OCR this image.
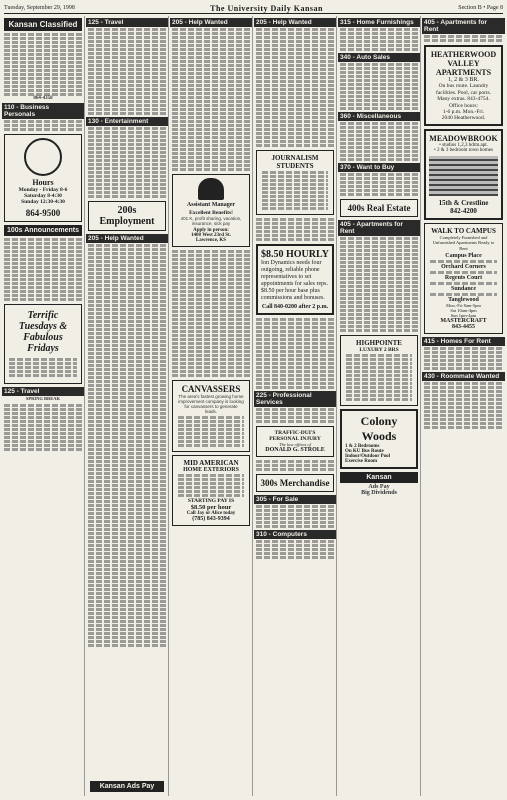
Tuesday, September 29, 1998	The University Daily Kansan	Section B • Page 8
Kansan Classified
864-4358
110 - Business Personals
Hours
Monday - Friday 8-6
Saturday 8-4:30
Sunday 12:30-4:30
864-9500
100s Announcements
Terrific
Tuesdays &
Fabulous
Fridays
125 - Travel
SPRING BREAK
125 - Travel
130 - Entertainment
200s Employment
205 - Help Wanted
Kansan Ads Pay
205 - Help Wanted
Assistant Manager
Excellent Benefits!
401 K, profit sharing, vacation, insurance, sick pay
Apply in person:
1408 West 23rd St.
Lawrence, KS
CANVASSERS
The area's fastest growing home improvement company is looking for canvassers to generate leads.
MID AMERICAN
HOME EXTERIORS
STARTING PAY IS
$8.50 per hour
Call Jay or Alice today
(785) 843-9394
205 - Help Wanted
JOURNALISM
STUDENTS
$8.50 HOURLY
Ion Dynamics needs four outgoing, reliable phone representatives to set appointments for sales reps. $8.50 per hour base plus commissions and bonuses.
Call 840-0200 after 2 p.m.
225 - Professional Services
TRAFFIC-DUI'S
PERSONAL INJURY
The law offices of
DONALD G. STROLE
300s Merchandise
305 - For Sale
310 - Computers
315 - Home Furnishings
340 - Auto Sales
360 - Miscellaneous
370 - Want to Buy
400s Real Estate
405 - Apartments for Rent
HIGHPOINTE
LUXURY 2 BRS
Colony
Woods
1 & 2 Bedrooms
On KU Bus Route
Indoor/Outdoor Pool
Exercise Room
Kansan
Ads Pay
Big Dividends
405 - Apartments for Rent
HEATHERWOOD
VALLEY
APARTMENTS
1, 2 & 3 BR.
On bus route. Laundry facilities. Pool, car ports. Many extras. 843-4754.
Office hours:
1-6 p.m. Mon.-Fri.
2040 Heatherwood.
MEADOWBROOK
• studios 1,2,3 bdrm.apt.
• 2 & 3 bedroom town homes
15th & Crestline
842-4200
WALK TO CAMPUS
Completely Furnished and Unfurnished Apartments Ready to Rent
Campus Place
Orchard Corners
Regents Court
Sundance
Tanglewood
Mon.-Fri 8am-5pm
Sat 10am-4pm
Sun 1pm-4pm
MASTERCRAFT
843-4455
415 - Homes For Rent
430 - Roommate Wanted
